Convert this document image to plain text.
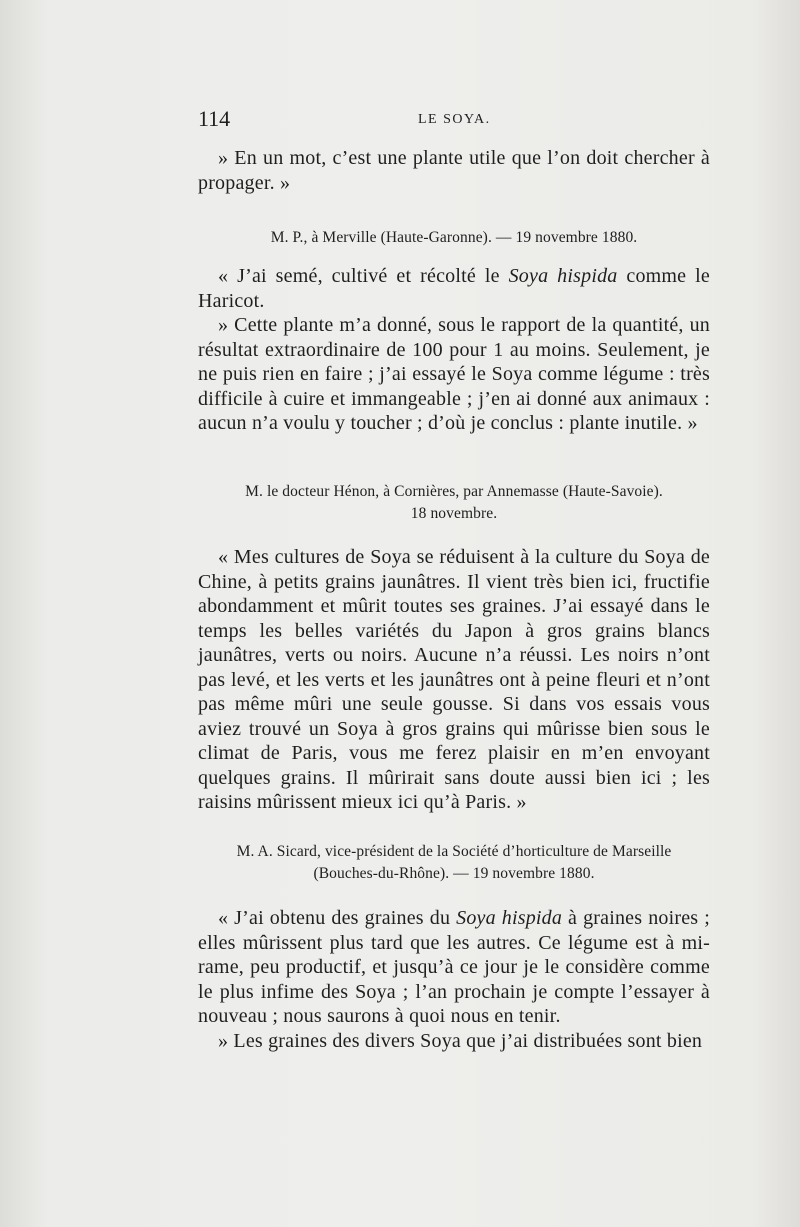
114	LE SOYA.

» En un mot, c’est une plante utile que l’on doit chercher à propager. »

M. P., à Merville (Haute-Garonne). — 19 novembre 1880.

« J’ai semé, cultivé et récolté le Soya hispida comme le Haricot.

» Cette plante m’a donné, sous le rapport de la quantité, un résultat extraordinaire de 100 pour 1 au moins. Seulement, je ne puis rien en faire ; j’ai essayé le Soya comme légume : très difficile à cuire et immangeable ; j’en ai donné aux animaux : aucun n’a voulu y toucher ; d’où je conclus : plante inutile. »

M. le docteur Hénon, à Cornières, par Annemasse (Haute-Savoie).

18 novembre.

« Mes cultures de Soya se réduisent à la culture du Soya de Chine, à petits grains jaunâtres. Il vient très bien ici, fructifie abondamment et mûrit toutes ses graines. J’ai essayé dans le temps les belles variétés du Japon à gros grains blancs jaunâtres, verts ou noirs. Aucune n’a réussi. Les noirs n’ont pas levé, et les verts et les jaunâtres ont à peine fleuri et n’ont pas même mûri une seule gousse. Si dans vos essais vous aviez trouvé un Soya à gros grains qui mûrisse bien sous le climat de Paris, vous me ferez plaisir en m’en envoyant quelques grains. Il mûrirait sans doute aussi bien ici ; les raisins mûrissent mieux ici qu’à Paris. »

M. A. Sicard, vice-président de la Société d’horticulture de Marseille

(Bouches-du-Rhône). — 19 novembre 1880.

« J’ai obtenu des graines du Soya hispida à graines noires ; elles mûrissent plus tard que les autres. Ce légume est à mi-rame, peu productif, et jusqu’à ce jour je le considère comme le plus infime des Soya ; l’an prochain je compte l’essayer à nouveau ; nous saurons à quoi nous en tenir.

» Les graines des divers Soya que j’ai distribuées sont bien
